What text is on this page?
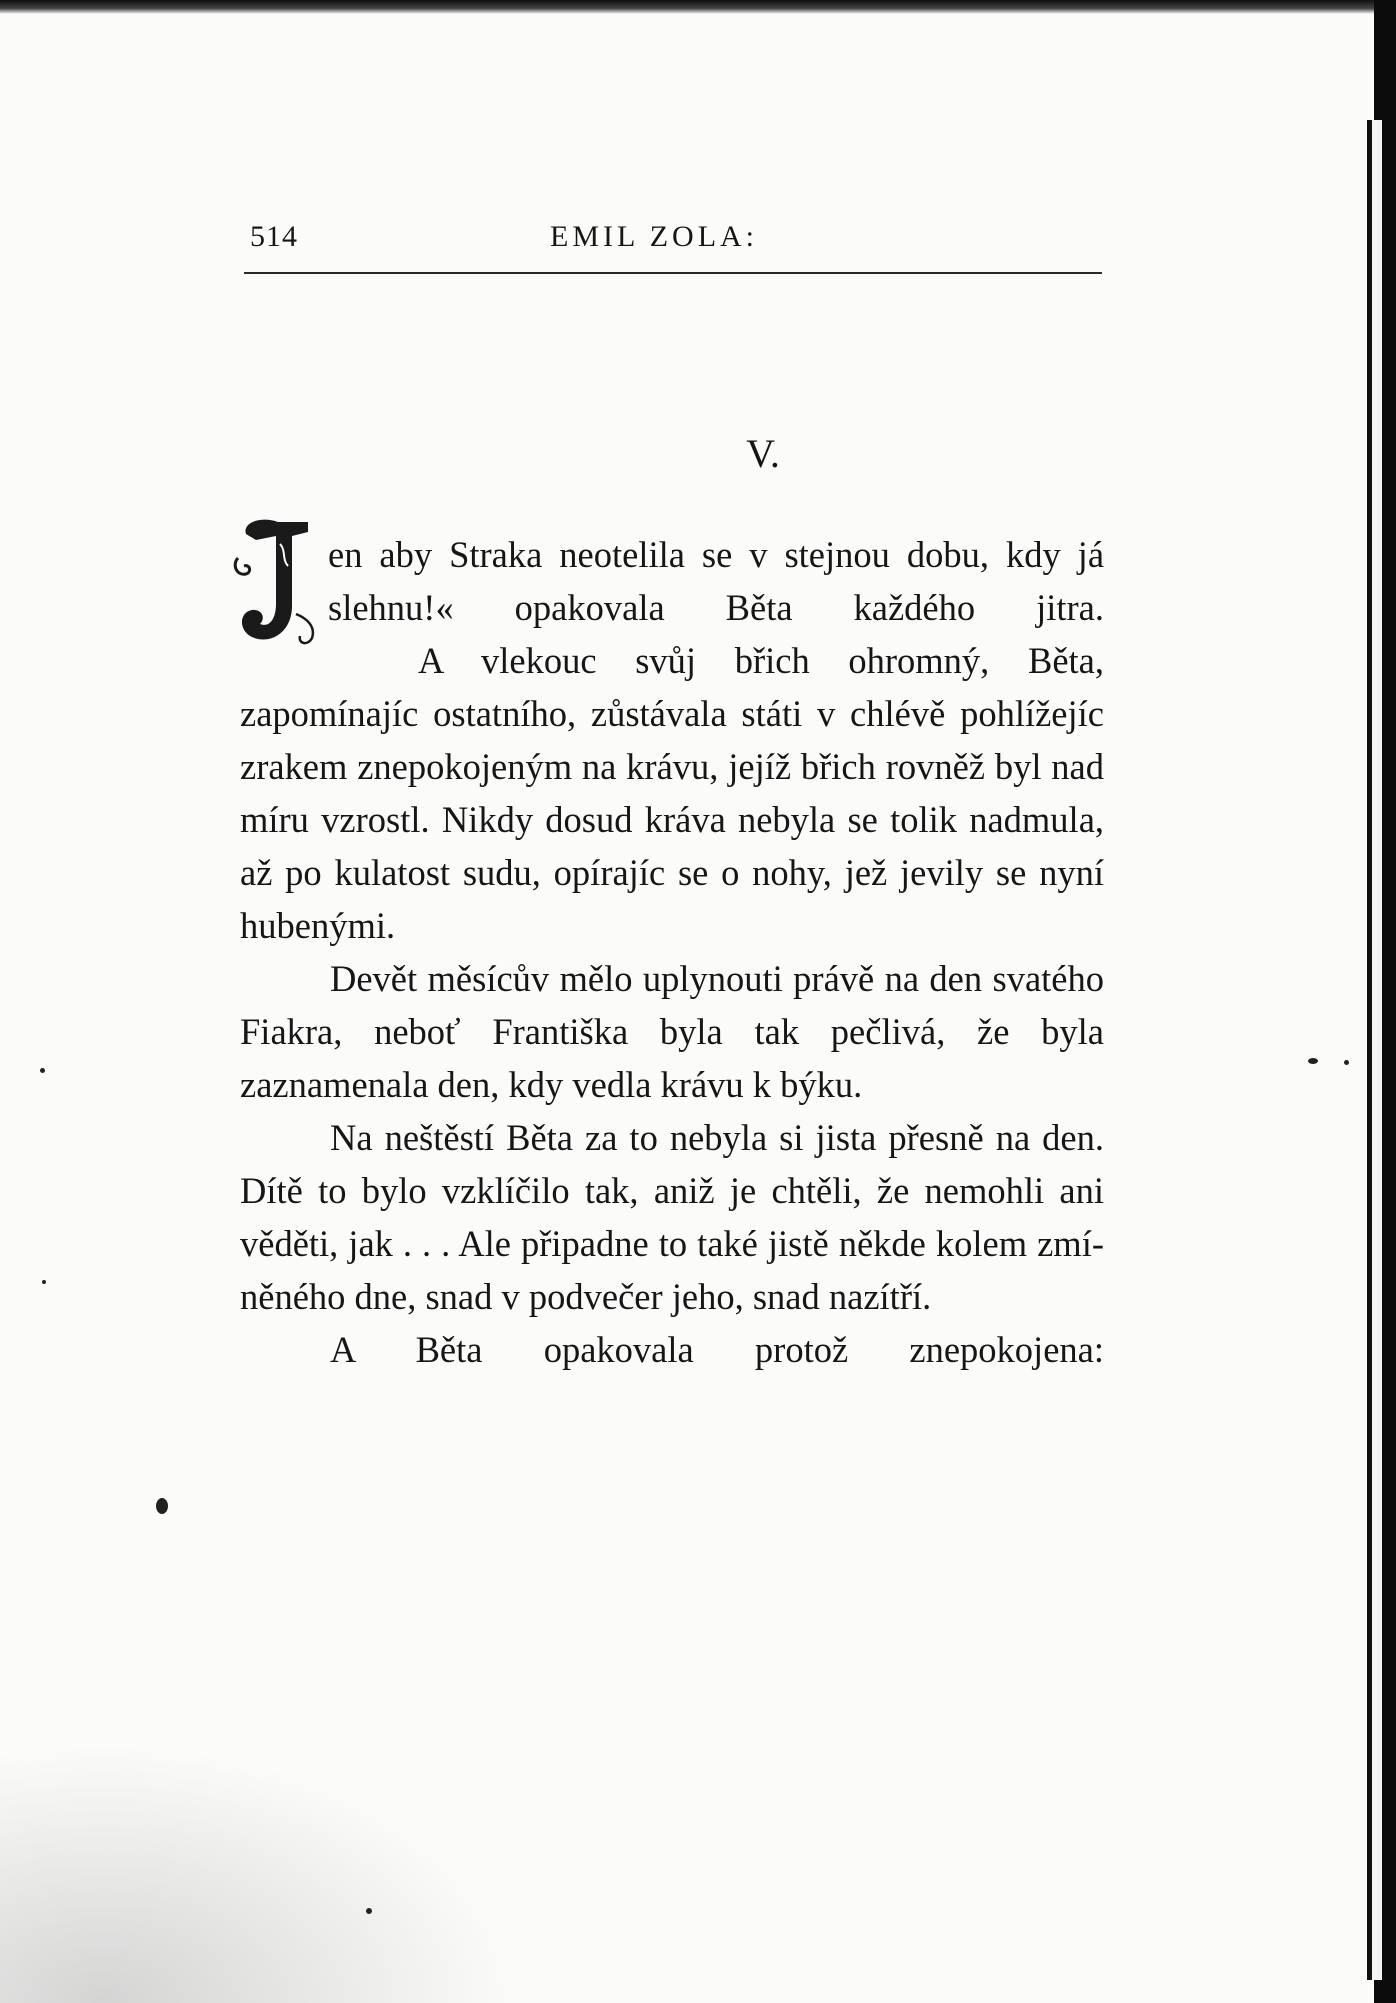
514	EMIL ZOLA:
V.
en aby Straka neotelila se v stejnou dobu, kdy já slehnu!« opakovala Běta každého jitra.
A vlekouc svůj břich ohromný, Běta, zapomínajíc ostatního, zůstávala státi v chlévě pohlížejíc zrakem znepokojeným na krávu, jejíž břich rovněž byl nad míru vzrostl. Nikdy dosud kráva nebyla se tolik nadmula, až po kulatost sudu, opírajíc se o nohy, jež jevily se nyní hubenými.
Devět měsícův mělo uplynouti právě na den svatého Fiakra, neboť Františka byla tak pečlivá, že byla zaznamenala den, kdy vedla krávu k býku.
Na neštěstí Běta za to nebyla si jista přesně na den. Dítě to bylo vzklíčilo tak, aniž je chtěli, že nemohli ani věděti, jak . . . Ale připadne to také jistě někde kolem zmí- něného dne, snad v podvečer jeho, snad nazítří.
A Běta opakovala protož znepokojena:
